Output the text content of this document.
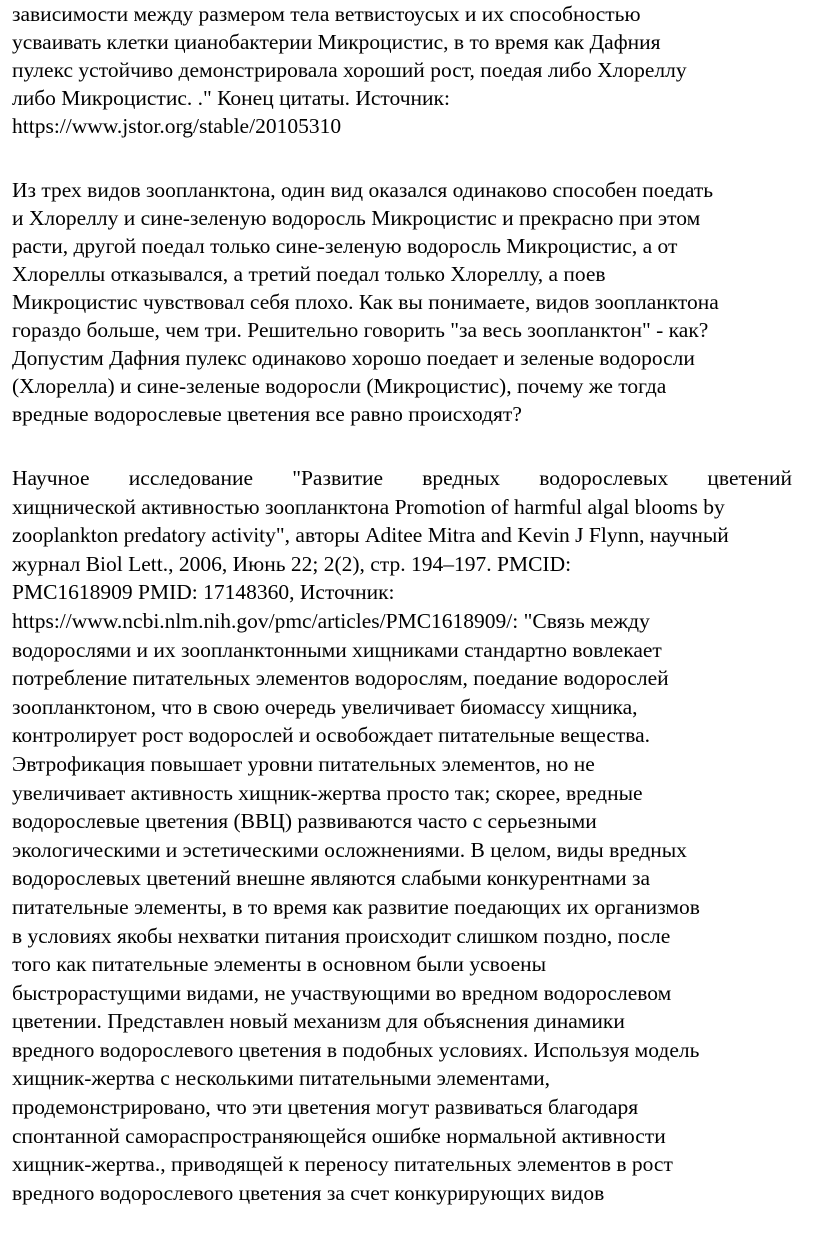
зависимости между размером тела ветвистоусых и их способностью
усваивать клетки цианобактерии Микроцистис, в то время как Дафния
пулекс устойчиво демонстрировала хороший рост, поедая либо Хлореллу
либо Микроцистис. ." Конец цитаты. Источник:
https://www.jstor.org/stable/20105310
Из трех видов зоопланктона, один вид оказался одинаково способен поедать
и Хлореллу и сине-зеленую водоросль Микроцистис и прекрасно при этом
расти, другой поедал только сине-зеленую водоросль Микроцистис, а от
Хлореллы отказывался, а третий поедал только Хлореллу, а поев
Микроцистис чувствовал себя плохо. Как вы понимаете, видов зоопланктона
гораздо больше, чем три. Решительно говорить "за весь зоопланктон" - как?
Допустим Дафния пулекс одинаково хорошо поедает и зеленые водоросли
(Хлорелла) и сине-зеленые водоросли (Микроцистис), почему же тогда
вредные водорослевые цветения все равно происходят?
Научное исследование "Развитие вредных водорослевых цветений
хищнической активностью зоопланктона Promotion of harmful algal blooms by
zooplankton predatory activity", авторы Aditee Mitra and Kevin J Flynn, научный
журнал Biol Lett., 2006, Июнь 22; 2(2), стр. 194–197. PMCID:
PMC1618909 PMID: 17148360, Источник:
https://www.ncbi.nlm.nih.gov/pmc/articles/PMC1618909/: "Связь между
водорослями и их зоопланктонными хищниками стандартно вовлекает
потребление питательных элементов водорослям, поедание водорослей
зоопланктоном, что в свою очередь увеличивает биомассу хищника,
контролирует рост водорослей и освобождает питательные вещества.
Эвтрофикация повышает уровни питательных элементов, но не
увеличивает активность хищник-жертва просто так; скорее, вредные
водорослевые цветения (ВВЦ) развиваются часто с серьезными
экологическими и эстетическими осложнениями. В целом, виды вредных
водорослевых цветений внешне являются слабыми конкурентнами за
питательные элементы, в то время как развитие поедающих их организмов
в условиях якобы нехватки питания происходит слишком поздно, после
того как питательные элементы в основном были усвоены
быстрорастущими видами, не участвующими во вредном водорослевом
цветении. Представлен новый механизм для объяснения динамики
вредного водорослевого цветения в подобных условиях. Используя модель
хищник-жертва с несколькими питательными элементами,
продемонстрировано, что эти цветения могут развиваться благодаря
спонтанной самораспространяющейся ошибке нормальной активности
хищник-жертва., приводящей к переносу питательных элементов в рост
вредного водорослевого цветения за счет конкурирующих видов
